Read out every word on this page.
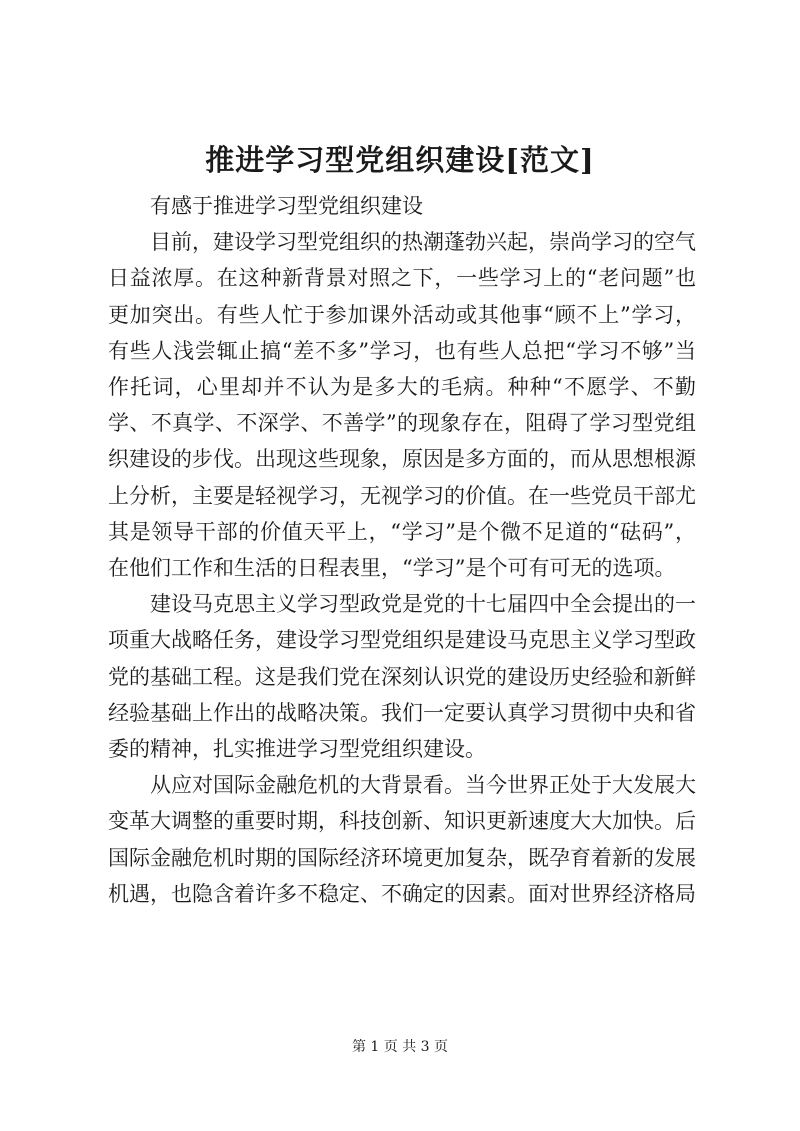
推进学习型党组织建设[范文]

有感于推进学习型党组织建设

目前，建设学习型党组织的热潮蓬勃兴起，崇尚学习的空气日益浓厚。在这种新背景对照之下，一些学习上的“老问题”也更加突出。有些人忙于参加课外活动或其他事“顾不上”学习，有些人浅尝辄止搞“差不多”学习，也有些人总把“学习不够”当作托词，心里却并不认为是多大的毛病。种种“不愿学、不勤学、不真学、不深学、不善学”的现象存在，阻碍了学习型党组织建设的步伐。出现这些现象，原因是多方面的，而从思想根源上分析，主要是轻视学习，无视学习的价值。在一些党员干部尤其是领导干部的价值天平上，“学习”是个微不足道的“砝码”，在他们工作和生活的日程表里，“学习”是个可有可无的选项。

建设马克思主义学习型政党是党的十七届四中全会提出的一项重大战略任务，建设学习型党组织是建设马克思主义学习型政党的基础工程。这是我们党在深刻认识党的建设历史经验和新鲜经验基础上作出的战略决策。我们一定要认真学习贯彻中央和省委的精神，扎实推进学习型党组织建设。

从应对国际金融危机的大背景看。当今世界正处于大发展大变革大调整的重要时期，科技创新、知识更新速度大大加快。后国际金融危机时期的国际经济环境更加复杂，既孕育着新的发展机遇，也隐含着许多不稳定、不确定的因素。面对世界经济格局

第 1 页 共 3 页
